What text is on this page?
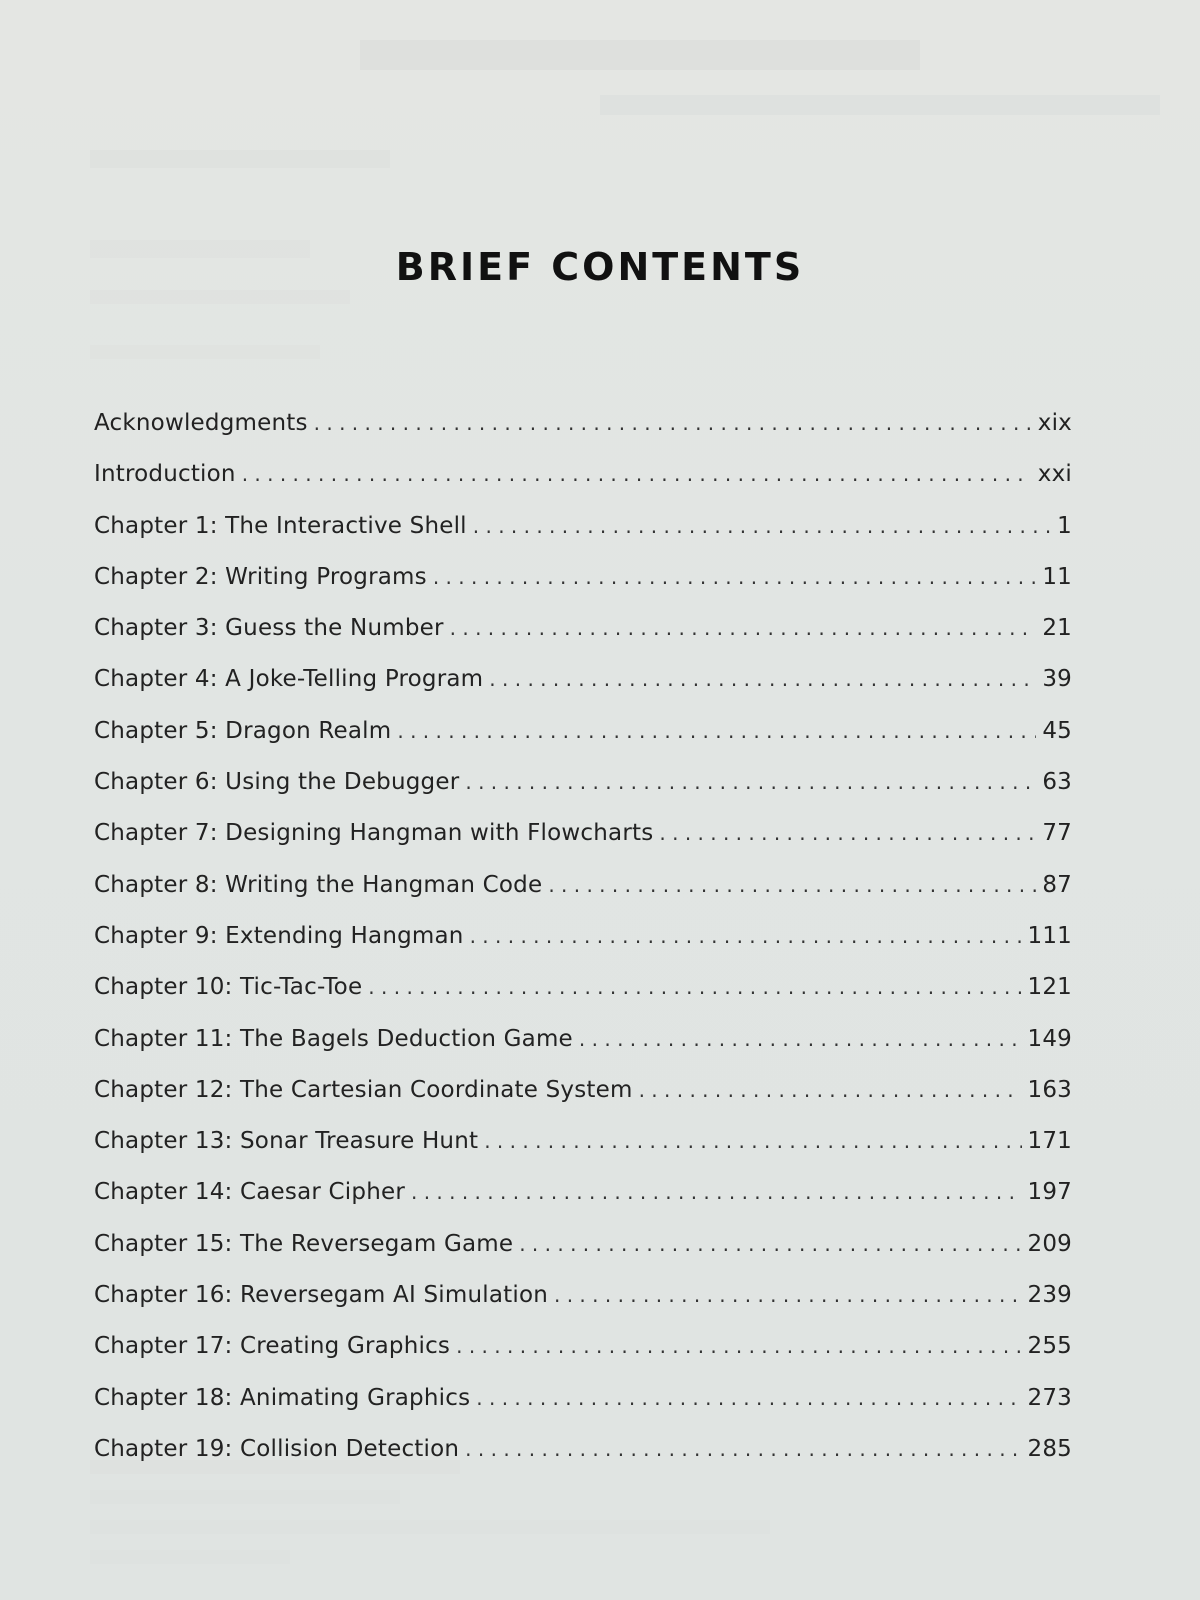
BRIEF CONTENTS
Acknowledgments . . .	xix
Introduction . . .	xxi
Chapter 1: The Interactive Shell . . .	1
Chapter 2: Writing Programs . . .	11
Chapter 3: Guess the Number . . .	21
Chapter 4: A Joke-Telling Program . . .	39
Chapter 5: Dragon Realm . . .	45
Chapter 6: Using the Debugger . . .	63
Chapter 7: Designing Hangman with Flowcharts . . .	77
Chapter 8: Writing the Hangman Code . . .	87
Chapter 9: Extending Hangman . . .	111
Chapter 10: Tic-Tac-Toe . . .	121
Chapter 11: The Bagels Deduction Game . . .	149
Chapter 12: The Cartesian Coordinate System . . .	163
Chapter 13: Sonar Treasure Hunt . . .	171
Chapter 14: Caesar Cipher . . .	197
Chapter 15: The Reversegam Game . . .	209
Chapter 16: Reversegam AI Simulation . . .	239
Chapter 17: Creating Graphics . . .	255
Chapter 18: Animating Graphics . . .	273
Chapter 19: Collision Detection . . .	285
